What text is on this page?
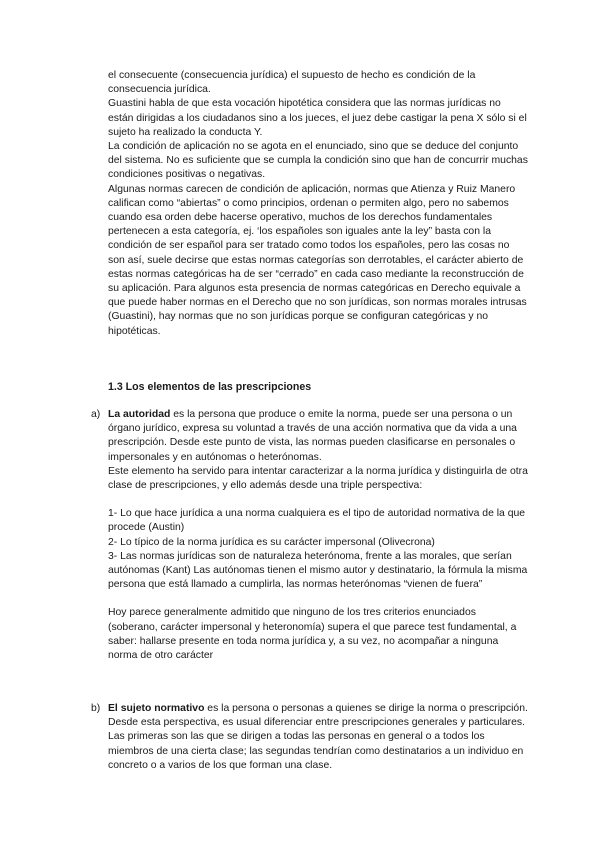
el consecuente (consecuencia jurídica) el supuesto de hecho es condición de la consecuencia jurídica.

Guastini habla de que esta vocación hipotética considera que las normas jurídicas no están dirigidas a los ciudadanos sino a los jueces, el juez debe castigar la pena X sólo si el sujeto ha realizado la conducta Y.

La condición de aplicación no se agota en el enunciado, sino que se deduce del conjunto del sistema. No es suficiente que se cumpla la condición sino que han de concurrir muchas condiciones positivas o negativas.

Algunas normas carecen de condición de aplicación, normas que Atienza y Ruiz Manero califican como “abiertas” o como principios, ordenan o permiten algo, pero no sabemos cuando esa orden debe hacerse operativo, muchos de los derechos fundamentales pertenecen a esta categoría, ej. ‘los españoles son iguales ante la ley” basta con la condición de ser español para ser tratado como todos los españoles, pero las cosas no son así, suele decirse que estas normas categorías son derrotables, el carácter abierto de estas normas categóricas ha de ser “cerrado” en cada caso mediante la reconstrucción de su aplicación. Para algunos esta presencia de normas categóricas en Derecho equivale a que puede haber normas en el Derecho que no son jurídicas, son normas morales intrusas (Guastini), hay normas que no son jurídicas porque se configuran categóricas y no hipotéticas.

1.3 Los elementos de las prescripciones
a) La autoridad es la persona que produce o emite la norma, puede ser una persona o un órgano jurídico, expresa su voluntad a través de una acción normativa que da vida a una prescripción. Desde este punto de vista, las normas pueden clasificarse en personales o impersonales y en autónomas o heterónomas.

Este elemento ha servido para intentar caracterizar a la norma jurídica y distinguirla de otra clase de prescripciones, y ello además desde una triple perspectiva:

1- Lo que hace jurídica a una norma cualquiera es el tipo de autoridad normativa de la que procede (Austin)

2- Lo típico de la norma jurídica es su carácter impersonal (Olivecrona)

3- Las normas jurídicas son de naturaleza heterónoma, frente a las morales, que serían autónomas (Kant) Las autónomas tienen el mismo autor y destinatario, la fórmula la misma persona que está llamado a cumplirla, las normas heterónomas “vienen de fuera”

Hoy parece generalmente admitido que ninguno de los tres criterios enunciados (soberano, carácter impersonal y heteronomía) supera el que parece test fundamental, a saber: hallarse presente en toda norma jurídica y, a su vez, no acompañar a ninguna norma de otro carácter

b) El sujeto normativo es la persona o personas a quienes se dirige la norma o prescripción. Desde esta perspectiva, es usual diferenciar entre prescripciones generales y particulares. Las primeras son las que se dirigen a todas las personas en general o a todos los miembros de una cierta clase; las segundas tendrían como destinatarios a un individuo en concreto o a varios de los que forman una clase.
